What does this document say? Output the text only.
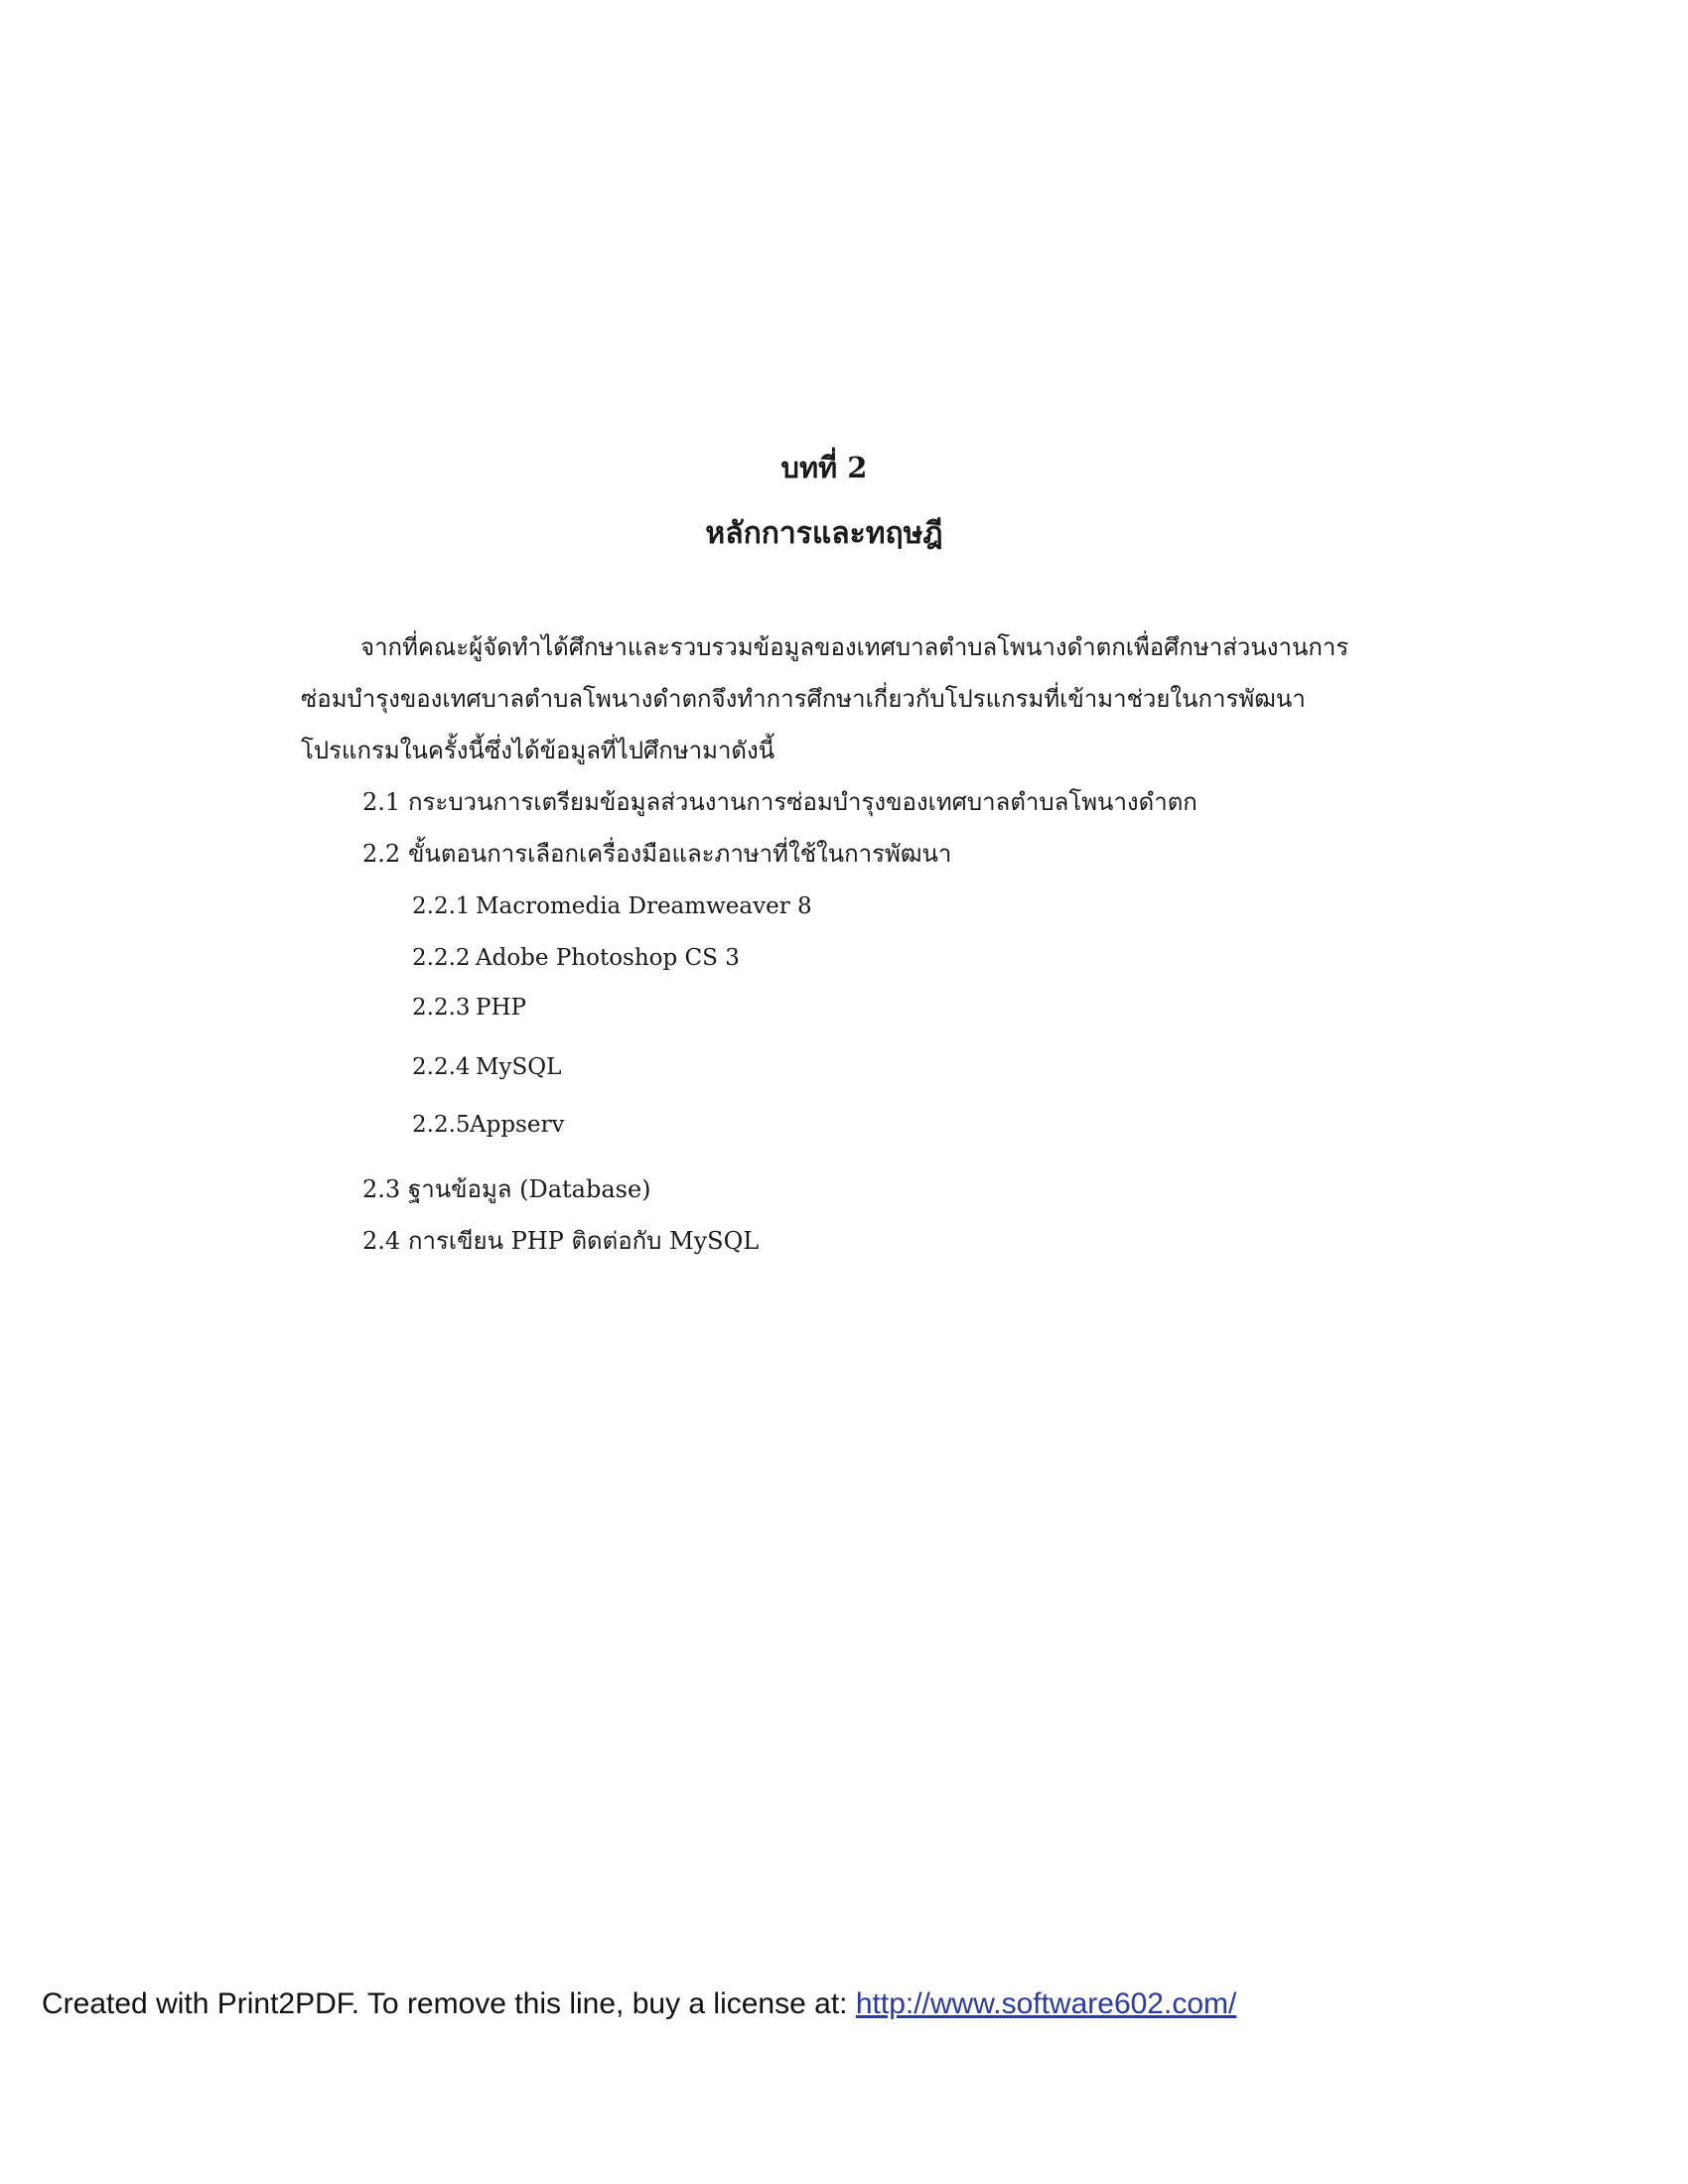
บทที่ 2
หลักการและทฤษฎี
จากที่คณะผู้จัดทำได้ศึกษาและรวบรวมข้อมูลของเทศบาลตำบลโพนางดำตกเพื่อศึกษาส่วนงานการ
ซ่อมบำรุงของเทศบาลตำบลโพนางดำตกจึงทำการศึกษาเกี่ยวกับโปรแกรมที่เข้ามาช่วยในการพัฒนา
โปรแกรมในครั้งนี้ซึ่งได้ข้อมูลที่ไปศึกษามาดังนี้
2.1 กระบวนการเตรียมข้อมูลส่วนงานการซ่อมบำรุงของเทศบาลตำบลโพนางดำตก
2.2 ขั้นตอนการเลือกเครื่องมือและภาษาที่ใช้ในการพัฒนา
2.2.1 Macromedia Dreamweaver 8
2.2.2 Adobe Photoshop CS 3
2.2.3 PHP
2.2.4 MySQL
2.2.5Appserv
2.3 ฐานข้อมูล (Database)
2.4 การเขียน PHP ติดต่อกับ MySQL
Created with Print2PDF. To remove this line, buy a license at: http://www.software602.com/
